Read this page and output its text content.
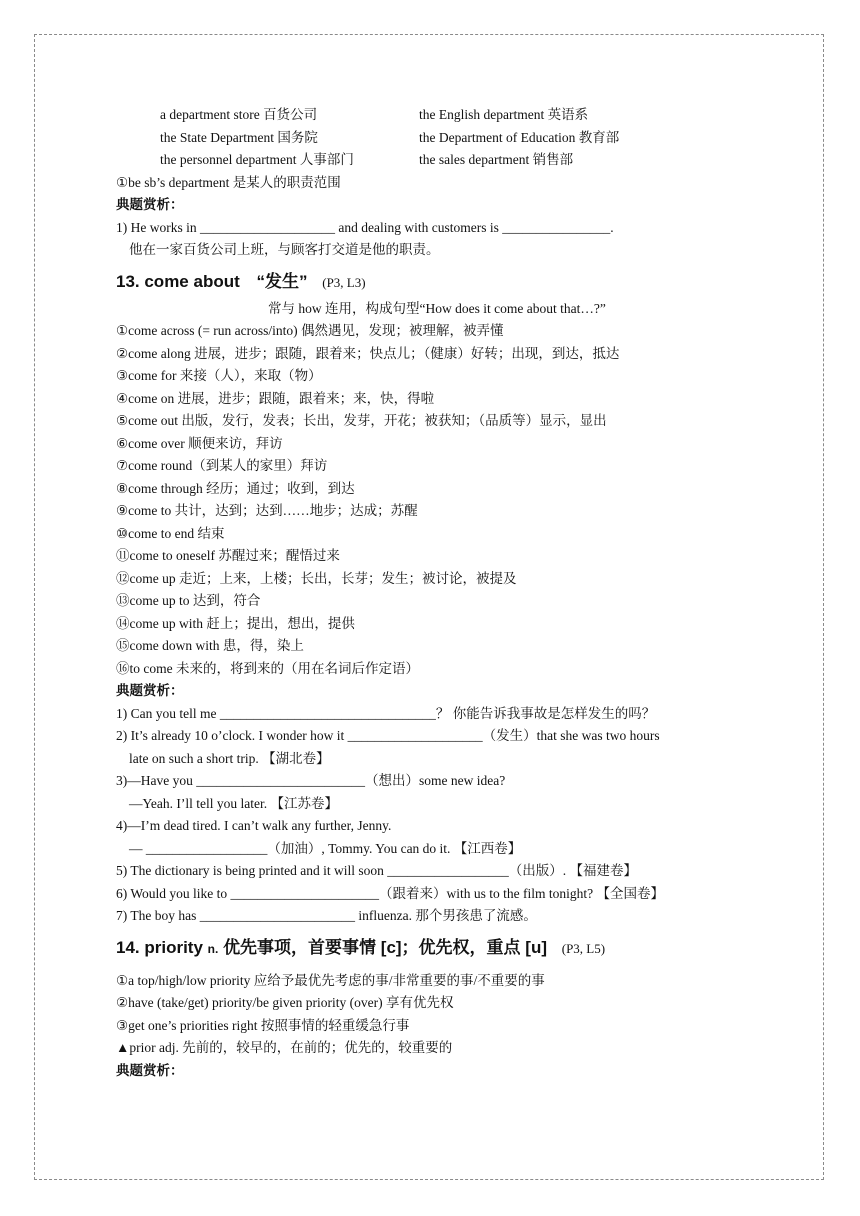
a department store 百货公司	the English department 英语系
the State Department 国务院	the Department of Education 教育部
the personnel department 人事部门	the sales department 销售部
①be sb’s department 是某人的职责范围
典题赏析：
1) He works in ____________________ and dealing with customers is ________________.
他在一家百货公司上班，与顾客打交道是他的职责。
13. come about “发生” (P3, L3)
常与 how 连用，构成句型“How does it come about that…?”
①come across (= run across/into) 偶然遇见，发现；被理解，被弄懂
②come along 进展，进步；跟随，跟着来；快点儿；（健康）好转；出现，到达，抵达
③come for 来接（人），来取（物）
④come on 进展，进步；跟随，跟着来；来，快，得啦
⑤come out 出版，发行，发表；长出，发芽，开花；被获知；（品质等）显示，显出
⑥come over 顺便来访，拜访
⑦come round（到某人的家里）拜访
⑧come through 经历；通过；收到，到达
⑨come to 共计，达到；达到……地步；达成；苏醒
⑩come to end 结束
⑪come to oneself 苏醒过来；醒悟过来
⑫come up 走近；上来，上楼；长出，长芽；发生；被讨论，被提及
⑬come up to 达到，符合
⑭come up with 赶上；提出，想出，提供
⑮come down with 患，得，染上
⑯to come 未来的，将到来的（用在名词后作定语）
典题赏析：
1) Can you tell me ________________________________？ 你能告诉我事故是怎样发生的吗？
2) It’s already 10 o’clock. I wonder how it ____________________（发生）that she was two hours
late on such a short trip. 【湖北卷】
3)—Have you _________________________（想出）some new idea?
—Yeah. I’ll tell you later. 【江苏卷】
4)—I’m dead tired. I can’t walk any further, Jenny.
— __________________（加油）, Tommy. You can do it. 【江西卷】
5) The dictionary is being printed and it will soon __________________（出版）. 【福建卷】
6) Would you like to ______________________（跟着来）with us to the film tonight? 【全国卷】
7) The boy has _______________________ influenza. 那个男孩患了流感。
14. priority n. 优先事项，首要事情 [c]；优先权，重点 [u] (P3, L5)
①a top/high/low priority 应给予最优先考虑的事/非常重要的事/不重要的事
②have (take/get) priority/be given priority (over) 享有优先权
③get one’s priorities right 按照事情的轻重缓急行事
▲prior adj. 先前的，较早的，在前的；优先的，较重要的
典题赏析：
